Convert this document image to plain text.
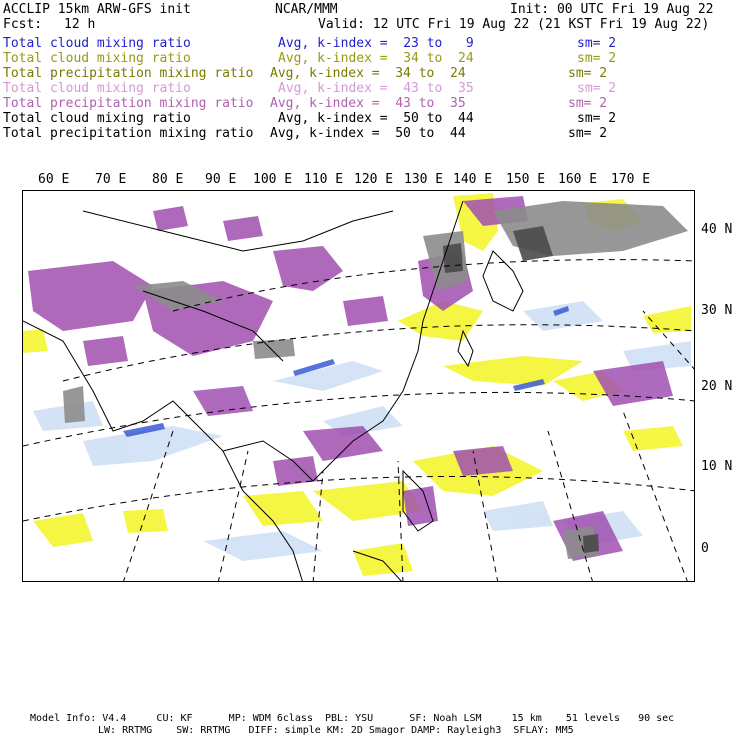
ACCLIP 15km ARW-GFS init	NCAR/MMM	Init: 00 UTC Fri 19 Aug 22
Fcst: 12 h	Valid: 12 UTC Fri 19 Aug 22 (21 KST Fri 19 Aug 22)
Total cloud mixing ratio	Avg, k-index =  23 to   9	sm= 2
Total cloud mixing ratio	Avg, k-index =  34 to  24	sm= 2
Total precipitation mixing ratio Avg, k-index =  34 to  24	sm= 2
Total cloud mixing ratio	Avg, k-index =  43 to  35	sm= 2
Total precipitation mixing ratio Avg, k-index =  43 to  35	sm= 2
Total cloud mixing ratio	Avg, k-index =  50 to  44	sm= 2
Total precipitation mixing ratio Avg, k-index =  50 to  44	sm= 2
60 E 70 E 80 E 90 E 100 E 110 E 120 E 130 E 140 E 150 E 160 E 170 E
40 N
30 N
20 N
10 N
0
Model Info: V4.4     CU: KF      MP: WDM 6class  PBL: YSU      SF: Noah LSM     15 km    51 levels   90 sec
LW: RRTMG    SW: RRTMG   DIFF: simple KM: 2D Smagor DAMP: Rayleigh3  SFLAY: MM5
